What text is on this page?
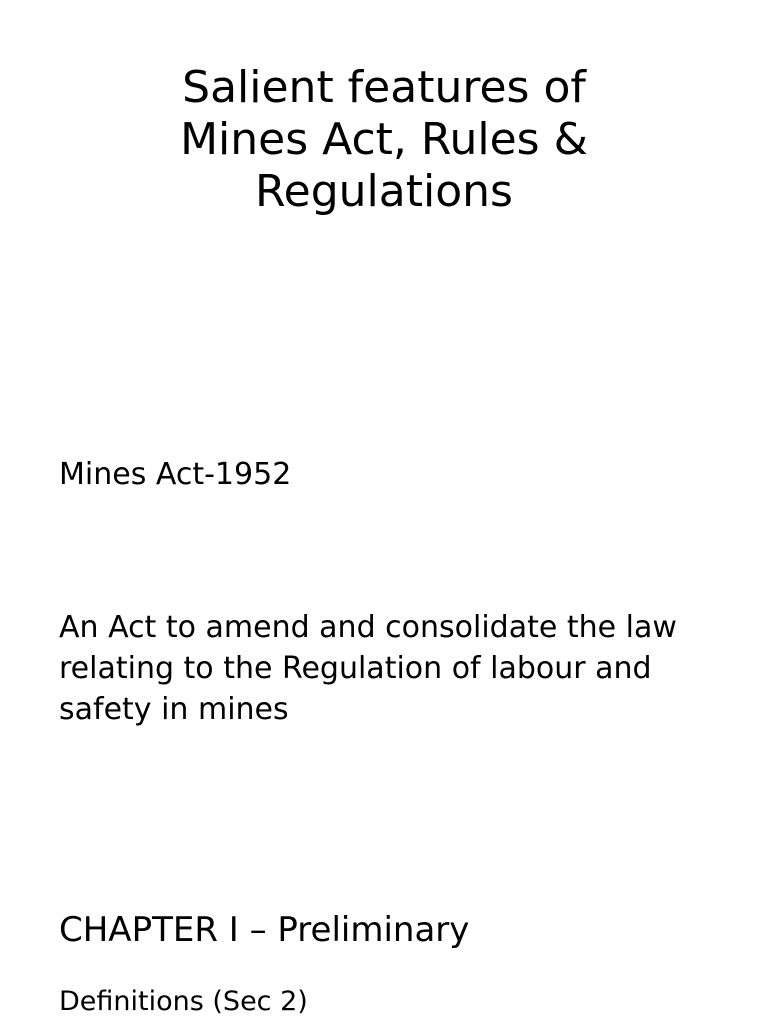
Salient features of
Mines Act, Rules &
Regulations

Mines Act-1952

An Act to amend and consolidate the law
relating to the Regulation of labour and
safety in mines

CHAPTER I – Preliminary

Definitions (Sec 2)
